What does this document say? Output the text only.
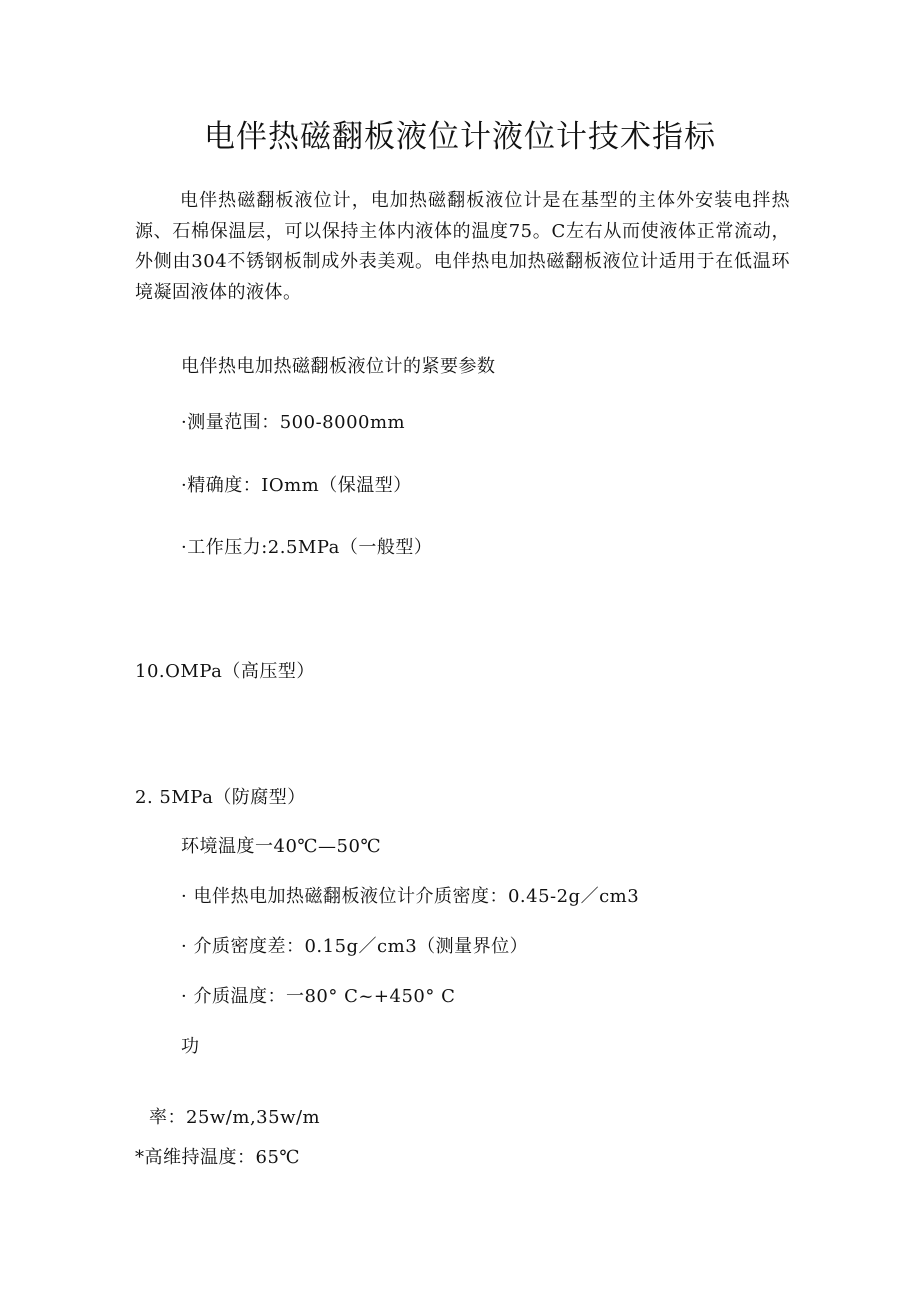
电伴热磁翻板液位计液位计技术指标
电伴热磁翻板液位计，电加热磁翻板液位计是在基型的主体外安装电拌热源、石棉保温层，可以保持主体内液体的温度75。C左右从而使液体正常流动，外侧由304不锈钢板制成外表美观。电伴热电加热磁翻板液位计适用于在低温环境凝固液体的液体。
电伴热电加热磁翻板液位计的紧要参数
·测量范围：500-8000mm
·精确度：IOmm（保温型）
·工作压力:2.5MPa（一般型）
10.OMPa（高压型）
2. 5MPa（防腐型）
环境温度一40℃—50℃
· 电伴热电加热磁翻板液位计介质密度：0.45-2g／cm3
· 介质密度差：0.15g／cm3（测量界位）
· 介质温度：一80° C~+450° C
功
率：25w/m,35w/m
*高维持温度：65℃
